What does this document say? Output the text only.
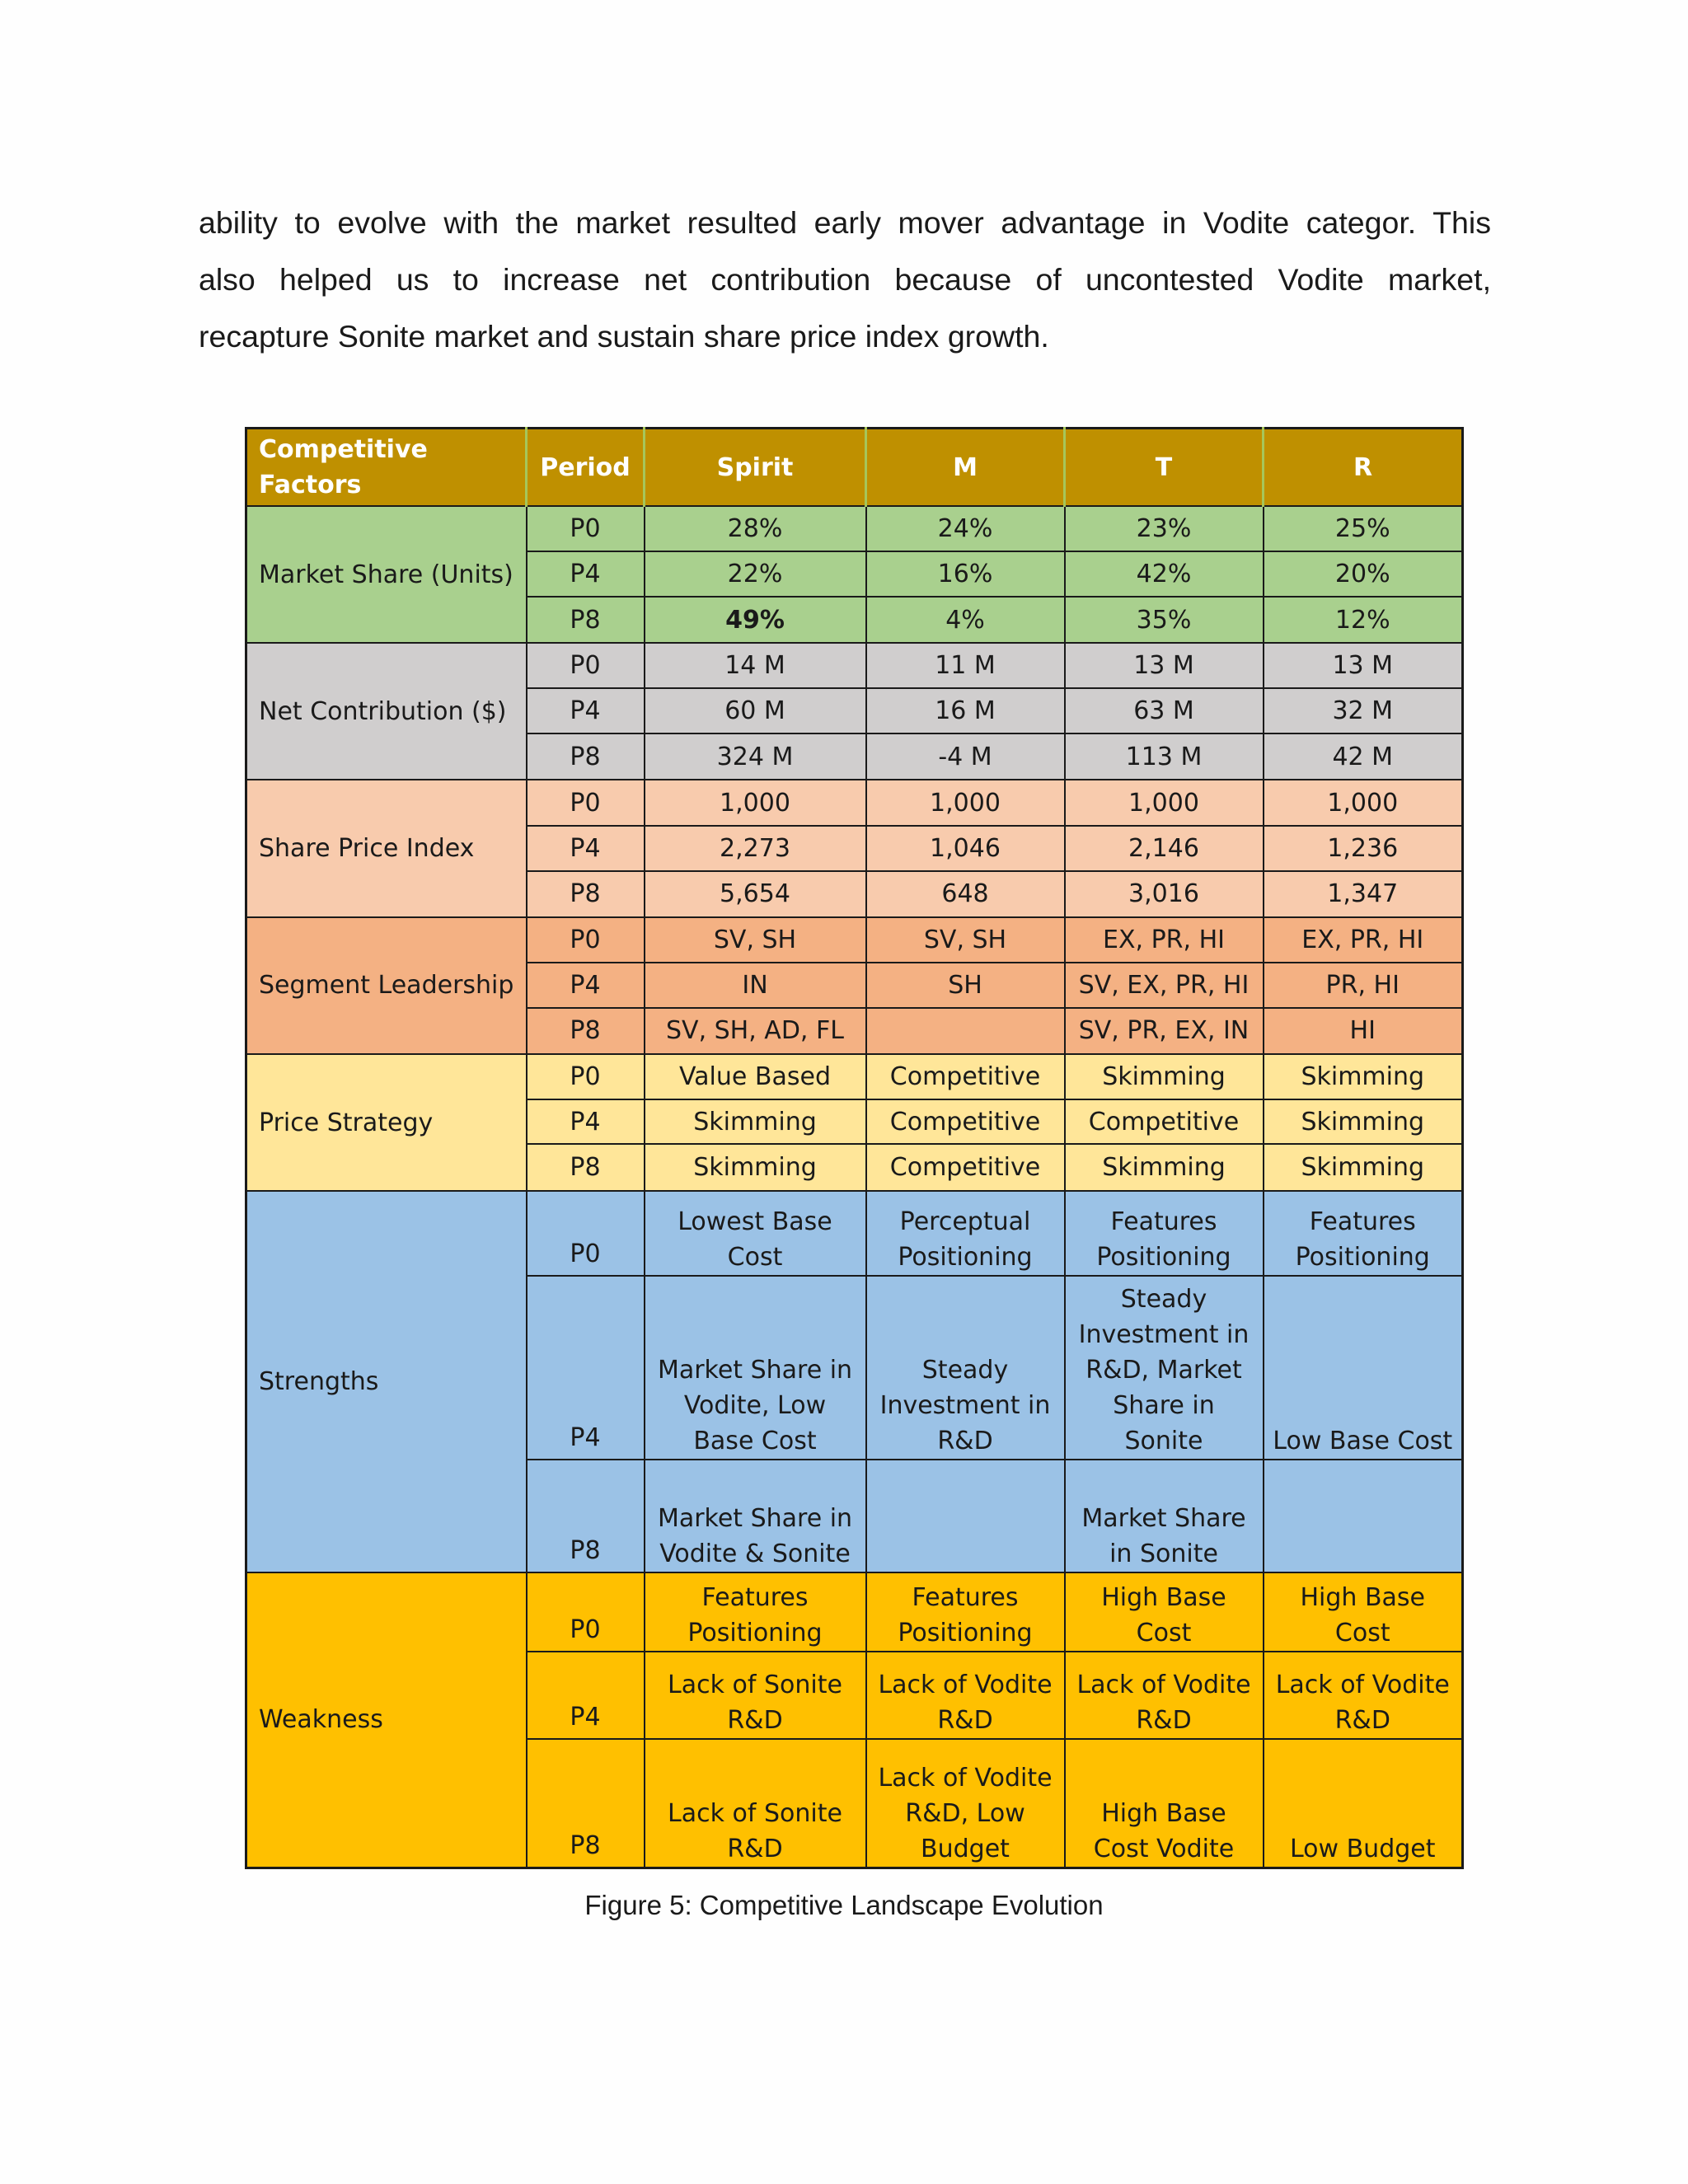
ability to evolve with the market resulted early mover advantage in Vodite categor. This
also helped us to increase net contribution because of uncontested Vodite market,
recapture Sonite market and sustain share price index growth.
Competitive Factors	Period	Spirit	M	T	R
Market Share (Units)	P0	28%	24%	23%	25%
	P4	22%	16%	42%	20%
	P8	49%	4%	35%	12%
Net Contribution ($)	P0	14 M	11 M	13 M	13 M
	P4	60 M	16 M	63 M	32 M
	P8	324 M	-4 M	113 M	42 M
Share Price Index	P0	1,000	1,000	1,000	1,000
	P4	2,273	1,046	2,146	1,236
	P8	5,654	648	3,016	1,347
Segment Leadership	P0	SV, SH	SV, SH	EX, PR, HI	EX, PR, HI
	P4	IN	SH	SV, EX, PR, HI	PR, HI
	P8	SV, SH, AD, FL		SV, PR, EX, IN	HI
Price Strategy	P0	Value Based	Competitive	Skimming	Skimming
	P4	Skimming	Competitive	Competitive	Skimming
	P8	Skimming	Competitive	Skimming	Skimming
Strengths	P0	Lowest Base Cost	Perceptual Positioning	Features Positioning	Features Positioning
	P4	Market Share in Vodite, Low Base Cost	Steady Investment in R&D	Steady Investment in R&D, Market Share in Sonite	Low Base Cost
	P8	Market Share in Vodite & Sonite		Market Share in Sonite	
Weakness	P0	Features Positioning	Features Positioning	High Base Cost	High Base Cost
	P4	Lack of Sonite R&D	Lack of Vodite R&D	Lack of Vodite R&D	Lack of Vodite R&D
	P8	Lack of Sonite R&D	Lack of Vodite R&D, Low Budget	High Base Cost Vodite	Low Budget
Figure 5: Competitive Landscape Evolution
